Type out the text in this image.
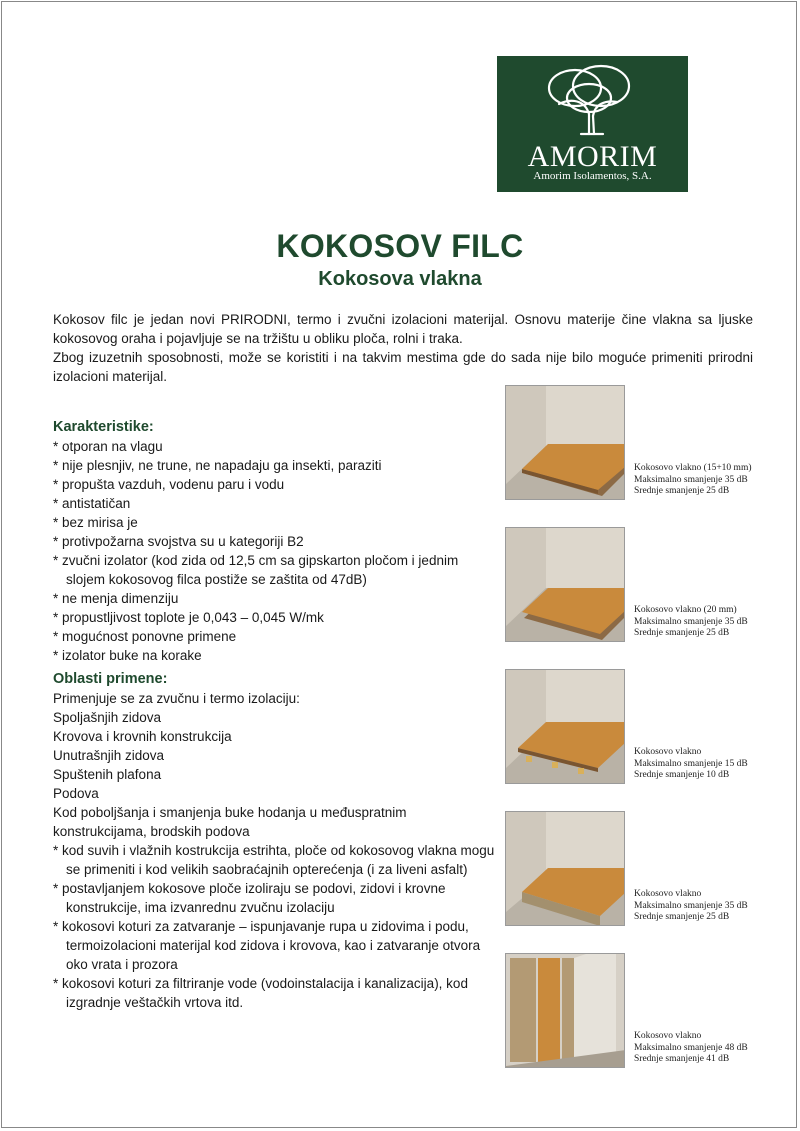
AMORIM
Amorim Isolamentos, S.A.
KOKOSOV FILC
Kokosova vlakna

Kokosov filc je jedan novi PRIRODNI, termo i zvučni izolacioni materijal. Osnovu materije čine vlakna sa ljuske kokosovog oraha i pojavljuje se na tržištu u obliku ploča, rolni i traka.

Zbog izuzetnih sposobnosti, može se koristiti i na takvim mestima gde do sada nije bilo moguće primeniti prirodni izolacioni materijal.

Karakteristike:
* otporan na vlagu
* nije plesnjiv, ne trune, ne napadaju ga insekti, paraziti
* propušta vazduh, vodenu paru i vodu
* antistatičan
* bez mirisa je
* protivpožarna svojstva su u kategoriji B2
* zvučni izolator (kod zida od 12,5 cm sa gipskarton pločom i jednim slojem kokosovog filca postiže se zaštita od 47dB)
* ne menja dimenziju
* propustljivost toplote je 0,043 – 0,045 W/mk
* mogućnost ponovne primene
* izolator buke na korake
Oblasti primene:

Primenjuje se za zvučnu i termo izolaciju:

Spoljašnjih zidova

Krovova i krovnih konstrukcija

Unutrašnjih zidova

Spuštenih plafona

Podova

Kod poboljšanja i smanjenja buke hodanja u međuspratnim konstrukcijama, brodskih podova

* kod suvih i vlažnih kostrukcija estrihta, ploče od kokosovog vlakna mogu se primeniti i kod velikih saobraćajnih opterećenja (i za liveni asfalt)
* postavljanjem kokosove ploče izoliraju se podovi, zidovi i krovne konstrukcije, ima izvanrednu zvučnu izolaciju
* kokosovi koturi za zatvaranje – ispunjavanje rupa u zidovima i podu, termoizolacioni materijal kod zidova i krovova, kao i zatvaranje otvora oko vrata i prozora
* kokosovi koturi za filtriranje vode (vodoinstalacija i kanalizacija), kod izgradnje veštačkih vrtova itd.
Kokosovo vlakno (15+10 mm)
Maksimalno smanjenje 35 dB
Srednje smanjenje 25 dB
Kokosovo vlakno (20 mm)
Maksimalno smanjenje 35 dB
Srednje smanjenje 25 dB
Kokosovo vlakno
Maksimalno smanjenje 15 dB
Srednje smanjenje 10 dB
Kokosovo vlakno
Maksimalno smanjenje 35 dB
Srednje smanjenje 25 dB
Kokosovo vlakno
Maksimalno smanjenje 48 dB
Srednje smanjenje 41 dB
